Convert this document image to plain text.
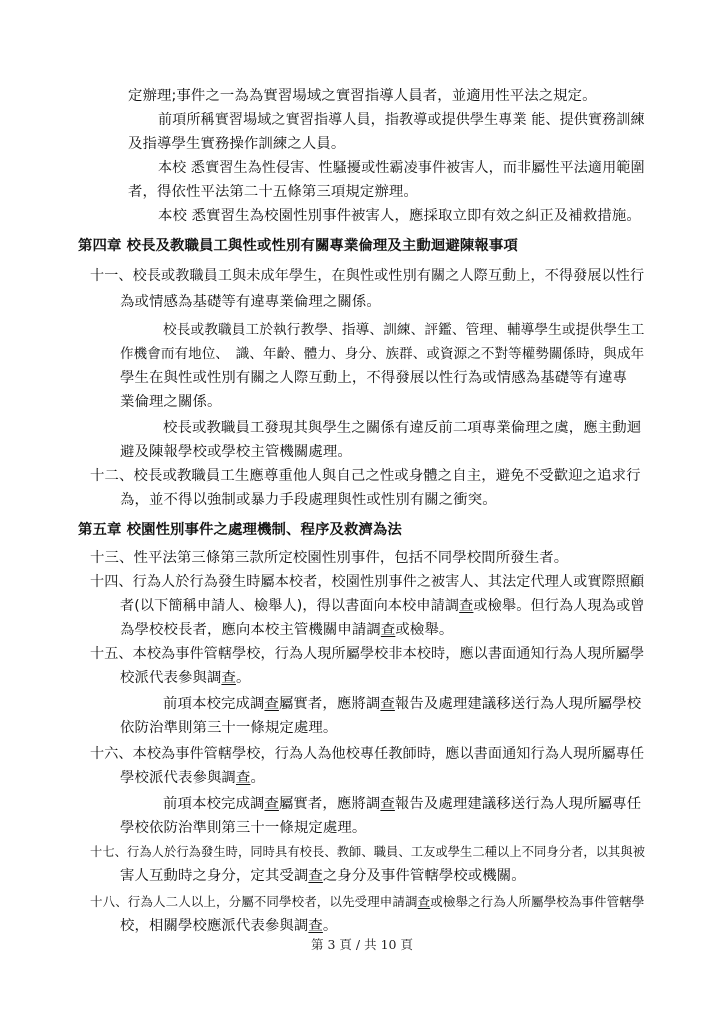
定辦理;事件之一為為實習場域之實習指導人員者，並適用性平法之規定。
前項所稱實習場域之實習指導人員，指教導或提供學生專業 能、提供實務訓練
及指導學生實務操作訓練之人員。
本校 悉實習生為性侵害、性騷擾或性霸凌事件被害人，而非屬性平法適用範圍
者，得依性平法第二十五條第三項規定辦理。
本校 悉實習生為校園性別事件被害人，應採取立即有效之糾正及補救措施。
第四章 校長及教職員工與性或性別有關專業倫理及主動迴避陳報事項
十一、校長或教職員工與未成年學生，在與性或性別有關之人際互動上，不得發展以性行
為或情感為基礎等有違專業倫理之關係。
校長或教職員工於執行教學、指導、訓練、評鑑、管理、輔導學生或提供學生工
作機會而有地位、　識、年齡、體力、身分、族群、或資源之不對等權勢關係時，與成年
學生在與性或性別有關之人際互動上，不得發展以性行為或情感為基礎等有違專
業倫理之關係。
校長或教職員工發現其與學生之關係有違反前二項專業倫理之虞，應主動迴
避及陳報學校或學校主管機關處理。
十二、校長或教職員工生應尊重他人與自己之性或身體之自主，避免不受歡迎之追求行
為，並不得以強制或暴力手段處理與性或性別有關之衝突。
第五章 校園性別事件之處理機制、程序及救濟為法
十三、性平法第三條第三款所定校園性別事件，包括不同學校間所發生者。
十四、行為人於行為發生時屬本校者，校園性別事件之被害人、其法定代理人或實際照顧
者(以下簡稱申請人、檢舉人)，得以書面向本校申請調查或檢舉。但行為人現為或曾
為學校校長者，應向本校主管機關申請調查或檢舉。
十五、本校為事件管轄學校，行為人現所屬學校非本校時，應以書面通知行為人現所屬學
校派代表參與調查。
前項本校完成調查屬實者，應將調查報告及處理建議移送行為人現所屬學校
依防治準則第三十一條規定處理。
十六、本校為事件管轄學校，行為人為他校專任教師時，應以書面通知行為人現所屬專任
學校派代表參與調查。
前項本校完成調查屬實者，應將調查報告及處理建議移送行為人現所屬專任
學校依防治準則第三十一條規定處理。
十七、行為人於行為發生時，同時具有校長、教師、職員、工友或學生二種以上不同身分者，以其與被
害人互動時之身分，定其受調查之身分及事件管轄學校或機關。
十八、行為人二人以上，分屬不同學校者，以先受理申請調查或檢舉之行為人所屬學校為事件管轄學
校，相關學校應派代表參與調查。
第 3 頁 / 共 10 頁
